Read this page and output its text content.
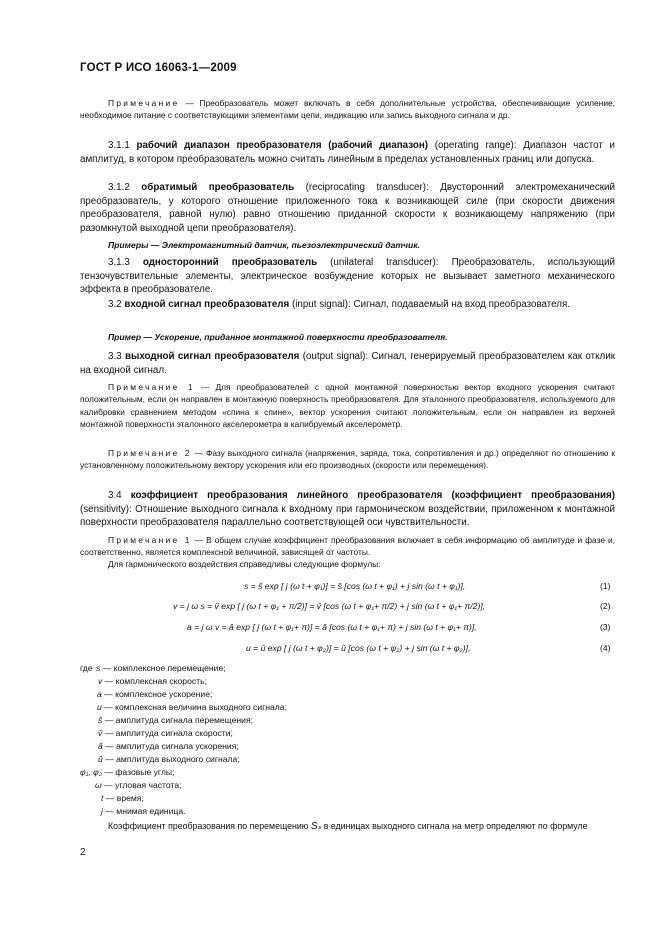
ГОСТ Р ИСО 16063-1—2009
Примечание — Преобразователь может включать в себя дополнительные устройства, обеспечивающие усиление, необходимое питание с соответствующими элементами цепи, индикацию или запись выходного сигнала и др.
3.1.1 рабочий диапазон преобразователя (рабочий диапазон) (operating range): Диапазон частот и амплитуд, в котором преобразователь можно считать линейным в пределах установленных границ или допуска.
3.1.2 обратимый преобразователь (reciprocating transducer): Двусторонний электромеханический преобразователь, у которого отношение приложенного тока к возникающей силе (при скорости движения преобразователя, равной нулю) равно отношению приданной скорости к возникающему напряжению (при разомкнутой выходной цепи преобразователя).
Примеры — Электромагнитный датчик, пьезоэлектрический датчик.
3.1.3 односторонний преобразователь (unilateral transducer): Преобразователь, использующий тензочувствительные элементы, электрическое возбуждение которых не вызывает заметного механического эффекта в преобразователе.
3.2 входной сигнал преобразователя (input signal): Сигнал, подаваемый на вход преобразователя.
Пример — Ускорение, приданное монтажной поверхности преобразователя.
3.3 выходной сигнал преобразователя (output signal): Сигнал, генерируемый преобразователем как отклик на входной сигнал.
Примечание 1 — Для преобразователей с одной монтажной поверхностью вектор входного ускорения считают положительным, если он направлен в монтажную поверхность преобразователя. Для эталонного преобразователя, используемого для калибровки сравнением методом «спина к спине», вектор ускорения считают положительным, если он направлен из верхней монтажной поверхности эталонного акселерометра в калибруемый акселерометр.
Примечание 2 — Фазу выходного сигнала (напряжения, заряда, тока, сопротивления и др.) определяют по отношению к установленному положительному вектору ускорения или его производных (скорости или перемещения).
3.4 коэффициент преобразования линейного преобразователя (коэффициент преобразования) (sensitivity): Отношение выходного сигнала к входному при гармоническом воздействии, приложенном к монтажной поверхности преобразователя параллельно соответствующей оси чувствительности.
Примечание 1 — В общем случае коэффициент преобразования включает в себя информацию об амплитуде и фазе и, соответственно, является комплексной величиной, зависящей от частоты.
Для гармонического воздействия справедливы следующие формулы:
s = ŝ exp [ j (ω t + φ₁)] = ŝ [cos (ω t + φ₁) + j sin (ω t + φ₁)],	(1)
v = j ω s = v̂ exp [ j (ω t + φ₁ + π/2)] = v̂ [cos (ω t + φ₁+ π/2) + j sin (ω t + φ₁+ π/2)],	(2)
a = j ω v = â exp [ j (ω t + φ₁+ π)] = â [cos (ω t + φ₁+ π) + j sin (ω t + φ₁+ π)],	(3)
u = û exp [ j (ω t + φ₂)] = û [cos (ω t + φ₂) + j sin (ω t + φ₂)],	(4)
где s — комплексное перемещение;
v — комплексная скорость;
a — комплексное ускорение;
u — комплексная величина выходного сигнала;
ŝ — амплитуда сигнала перемещения;
v̂ — амплитуда сигнала скорости;
â — амплитуда сигнала ускорения;
û — амплитуда выходного сигнала;
φ₁, φ₂ — фазовые углы;
ω — угловая частота;
t — время;
j — мнимая единица.
Коэффициент преобразования по перемещению Sₛ в единицах выходного сигнала на метр определяют по формуле
2
